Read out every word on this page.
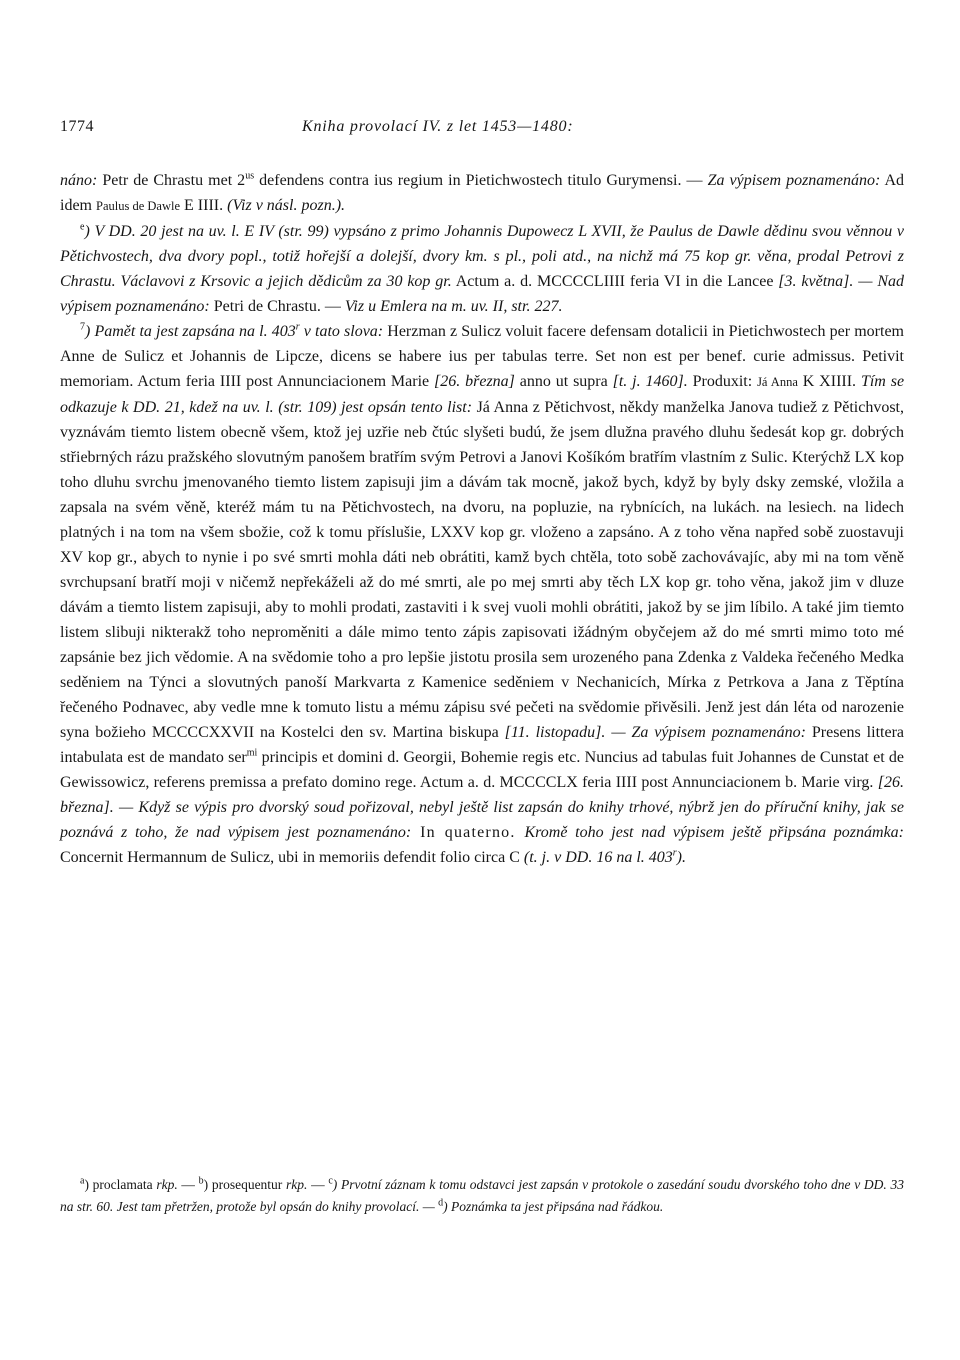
1774	Kniha provolací IV. z let 1453—1480:

náno: Petr de Chrastu met $2^{us}$ defendens contra ius regium in Pietichwostech titulo Gurymensi. — Za výpisem poznamenáno: Ad idem Paulus de Dawle E IIII. (Viz v násl. pozn.).

$^e$) V DD. 20 jest na uv. l. E IV (str. 99) vypsáno z primo Johannis Dupowecz L XVII, že Paulus de Dawle dědinu svou věnnou v Pětichvostech, dva dvory popl., totiž hořejší a dolejší, dvory km. s pl., poli atd., na nichž má 75 kop gr. věna, prodal Petrovi z Chrastu. Václavovi z Krsovic a jejich dědicům za 30 kop gr. Actum a. d. MCCCCLIIII feria VI in die Lancee [3. května]. — Nad výpisem poznamenáno: Petri de Chrastu. — Viz u Emlera na m. uv. II, str. 227.

$^7$) Pamět ta jest zapsána na l. 403$^r$ v tato slova: Herzman z Sulicz voluit facere defensam dotalicii in Pietichwostech per mortem Anne de Sulicz et Johannis de Lipcze, dicens se habere ius per tabulas terre. Set non est per benef. curie admissus. Petivit memoriam. Actum feria IIII post Annunciacionem Marie [26. března] anno ut supra [t. j. 1460]. Produxit: Já Anna K XIIII. Tím se odkazuje k DD. 21, kdež na uv. l. (str. 109) jest opsán tento list: Já Anna z Pětichvost, někdy manželka Janova tudiež z Pětichvost, vyznávám tiemto listem obecně všem, ktož jej uzřie neb čtúc slyšeti budú, že jsem dlužna pravého dluhu šedesát kop gr. dobrých střiebrných rázu pražského slovutným panošem bratřím svým Petrovi a Janovi Košíkóm bratřím vlastním z Sulic. Kterýchž LX kop toho dluhu svrchu jmenovaného tiemto listem zapisuji jim a dávám tak mocně, jakož bych, když by byly dsky zemské, vložila a zapsala na svém věně, kteréž mám tu na Pětichvostech, na dvoru, na popluzie, na rybnících, na lukách. na lesiech. na lidech platných i na tom na všem sbožie, což k tomu příslušie, LXXV kop gr. vloženo a zapsáno. A z toho věna napřed sobě zuostavuji XV kop gr., abych to nynie i po své smrti mohla dáti neb obrátiti, kamž bych chtěla, toto sobě zachovávajíc, aby mi na tom věně svrchupsaní bratří moji v ničemž nepřekáželi až do mé smrti, ale po mej smrti aby těch LX kop gr. toho věna, jakož jim v dluze dávám a tiemto listem zapisuji, aby to mohli prodati, zastaviti i k svej vuoli mohli obrátiti, jakož by se jim líbilo. A také jim tiemto listem slibuji nikterakž toho neproměniti a dále mimo tento zápis zapisovati ižádným obyčejem až do mé smrti mimo toto mé zapsánie bez jich vědomie. A na svědomie toho a pro lepšie jistotu prosila sem urozeného pana Zdenka z Valdeka řečeného Medka seděniem na Týnci a slovutných panoší Markvarta z Kamenice seděniem v Nechanicích, Mírka z Petrkova a Jana z Těptína řečeného Podnavec, aby vedle mne k tomuto listu a mému zápisu své pečeti na svědomie přivěsili. Jenž jest dán léta od narozenie syna božieho MCCCCXXVII na Kostelci den sv. Martina biskupa [11. listopadu]. — Za výpisem poznamenáno: Presens littera intabulata est de mandato ser$^{mi}$ principis et domini d. Georgii, Bohemie regis etc. Nuncius ad tabulas fuit Johannes de Cunstat et de Gewissowicz, referens premissa a prefato domino rege. Actum a. d. MCCCCLX feria IIII post Annunciacionem b. Marie virg. [26. března]. — Když se výpis pro dvorský soud pořizoval, nebyl ještě list zapsán do knihy trhové, nýbrž jen do příruční knihy, jak se poznává z toho, že nad výpisem jest poznamenáno: In quaterno. Kromě toho jest nad výpisem ještě připsána poznámka: Concernit Hermannum de Sulicz, ubi in memoriis defendit folio circa C (t. j. v DD. 16 na l. 403$^r$).

$^a$) proclamata rkp. — $^b$) prosequentur rkp. — $^c$) Prvotní záznam k tomu odstavci jest zapsán v protokole o zasedání soudu dvorského toho dne v DD. 33 na str. 60. Jest tam přetržen, protože byl opsán do knihy provolací. — $^d$) Poznámka ta jest připsána nad řádkou.
